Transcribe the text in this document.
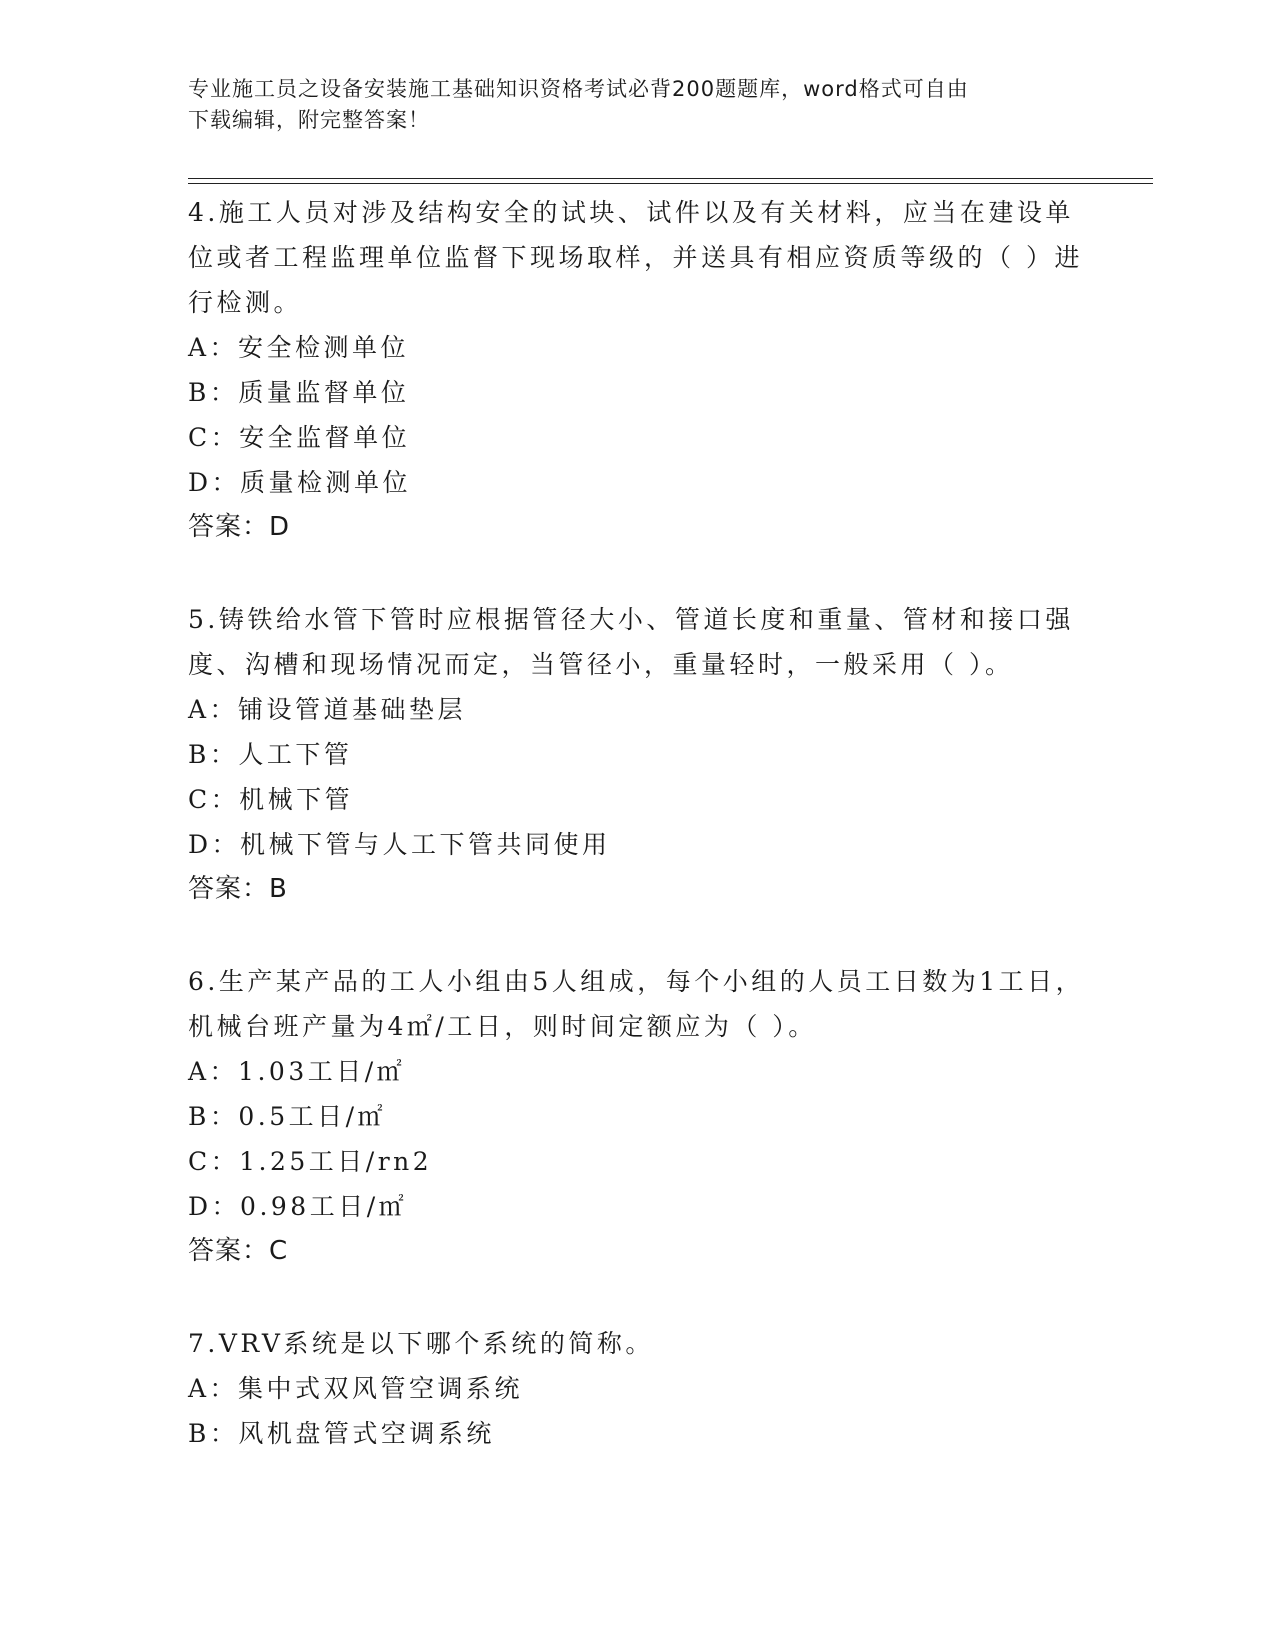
专业施工员之设备安装施工基础知识资格考试必背200题题库，word格式可自由
下载编辑，附完整答案！

4.施工人员对涉及结构安全的试块、试件以及有关材料，应当在建设单位或者工程监理单位监督下现场取样，并送具有相应资质等级的（ ）进行检测。

A：安全检测单位

B：质量监督单位

C：安全监督单位

D：质量检测单位

答案：D

5.铸铁给水管下管时应根据管径大小、管道长度和重量、管材和接口强度、沟槽和现场情况而定，当管径小，重量轻时，一般采用（ ）。

A：铺设管道基础垫层

B：人工下管

C：机械下管

D：机械下管与人工下管共同使用

答案：B

6.生产某产品的工人小组由5人组成，每个小组的人员工日数为1工日，机械台班产量为4㎡/工日，则时间定额应为（ ）。

A：1.03工日/㎡

B：0.5工日/㎡

C：1.25工日/rn2

D：0.98工日/㎡

答案：C

7.VRV系统是以下哪个系统的简称。

A：集中式双风管空调系统

B：风机盘管式空调系统
